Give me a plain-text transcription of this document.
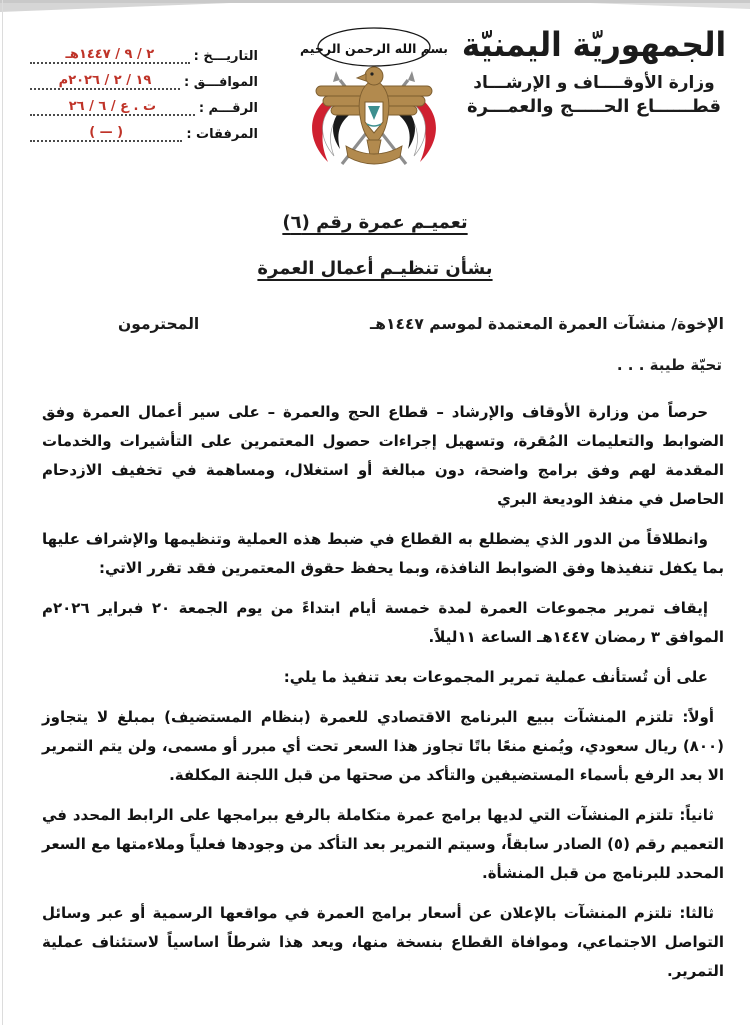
الجمهوريّة اليمنيّة
وزارة الأوقــــاف و الإرشـــاد
قطــــــاع الحـــــج والعمـــرة
بسم الله الرحمن الرحيم
التاريـــخ :
٢ / ٩ / ١٤٤٧هـ
الموافـــق :
١٩ / ٢ / ٢٠٢٦م
الرقـــم :
ت . ع / ٦ / ٢٦
المرفقات :
( — )
تعميـم عمرة رقم (٦)
بشأن تنظيـم أعمال العمرة
الإخوة/ منشآت العمرة المعتمدة لموسم ١٤٤٧هـ
المحترمون
تحيّة طيبة . . .

حرصاً من وزارة الأوقاف والإرشاد – قطاع الحج والعمرة – على سير أعمال العمرة وفق الضوابط والتعليمات المُقرة، وتسهيل إجراءات حصول المعتمرين على التأشيرات والخدمات المقدمة لهم وفق برامج واضحة، دون مبالغة أو استغلال، ومساهمة في تخفيف الازدحام الحاصل في منفذ الوديعة البري

وانطلاقاً من الدور الذي يضطلع به القطاع في ضبط هذه العملية وتنظيمها والإشراف عليها بما يكفل تنفيذها وفق الضوابط النافذة، وبما يحفظ حقوق المعتمرين فقد تقرر الاتي:

إيقاف تمرير مجموعات العمرة لمدة خمسة أيام ابتداءً من يوم الجمعة ٢٠ فبراير ٢٠٢٦م الموافق ٣ رمضان ١٤٤٧هـ الساعة ١١ليلاً.

على أن تُستأنف عملية تمرير المجموعات بعد تنفيذ ما يلي:

أولاً: تلتزم المنشآت ببيع البرنامج الاقتصادي للعمرة (بنظام المستضيف) بمبلغ لا يتجاوز (٨٠٠) ريال سعودي، ويُمنع منعًا باتًا تجاوز هذا السعر تحت أي مبرر أو مسمى، ولن يتم التمرير الا بعد الرفع بأسماء المستضيفين والتأكد من صحتها من قبل اللجنة المكلفة.

ثانياً: تلتزم المنشآت التي لديها برامج عمرة متكاملة بالرفع ببرامجها على الرابط المحدد في التعميم رقم (٥) الصادر سابقاً، وسيتم التمرير بعد التأكد من وجودها فعلياً وملاءمتها مع السعر المحدد للبرنامج من قبل المنشأة.

ثالثا: تلتزم المنشآت بالإعلان عن أسعار برامج العمرة في مواقعها الرسمية أو عبر وسائل التواصل الاجتماعي، وموافاة القطاع بنسخة منها، ويعد هذا شرطاً اساسياً لاستئناف عملية التمرير.
